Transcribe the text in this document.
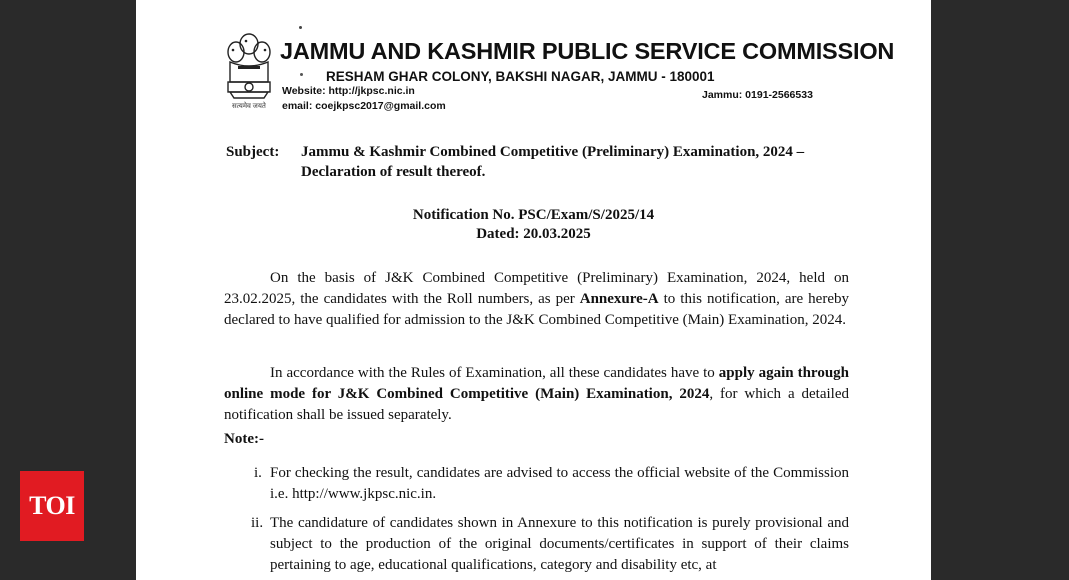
सत्यमेव जयते
JAMMU AND KASHMIR PUBLIC SERVICE COMMISSION
RESHAM GHAR COLONY, BAKSHI NAGAR, JAMMU - 180001
Website: http://jkpsc.nic.in
email: coejkpsc2017@gmail.com
Jammu: 0191-2566533
Subject: Jammu & Kashmir Combined Competitive (Preliminary) Examination, 2024 –
Declaration of result thereof.
Notification No. PSC/Exam/S/2025/14
Dated: 20.03.2025
On the basis of J&K Combined Competitive (Preliminary) Examination, 2024, held on 23.02.2025, the candidates with the Roll numbers, as per Annexure-A to this notification, are hereby declared to have qualified for admission to the J&K Combined Competitive (Main) Examination, 2024.
In accordance with the Rules of Examination, all these candidates have to apply again through online mode for J&K Combined Competitive (Main) Examination, 2024, for which a detailed notification shall be issued separately.
Note:-
i. For checking the result, candidates are advised to access the official website of the Commission i.e. http://www.jkpsc.nic.in.
ii. The candidature of candidates shown in Annexure to this notification is purely provisional and subject to the production of the original documents/certificates in support of their claims pertaining to age, educational qualifications, category and disability etc, at
TOI
